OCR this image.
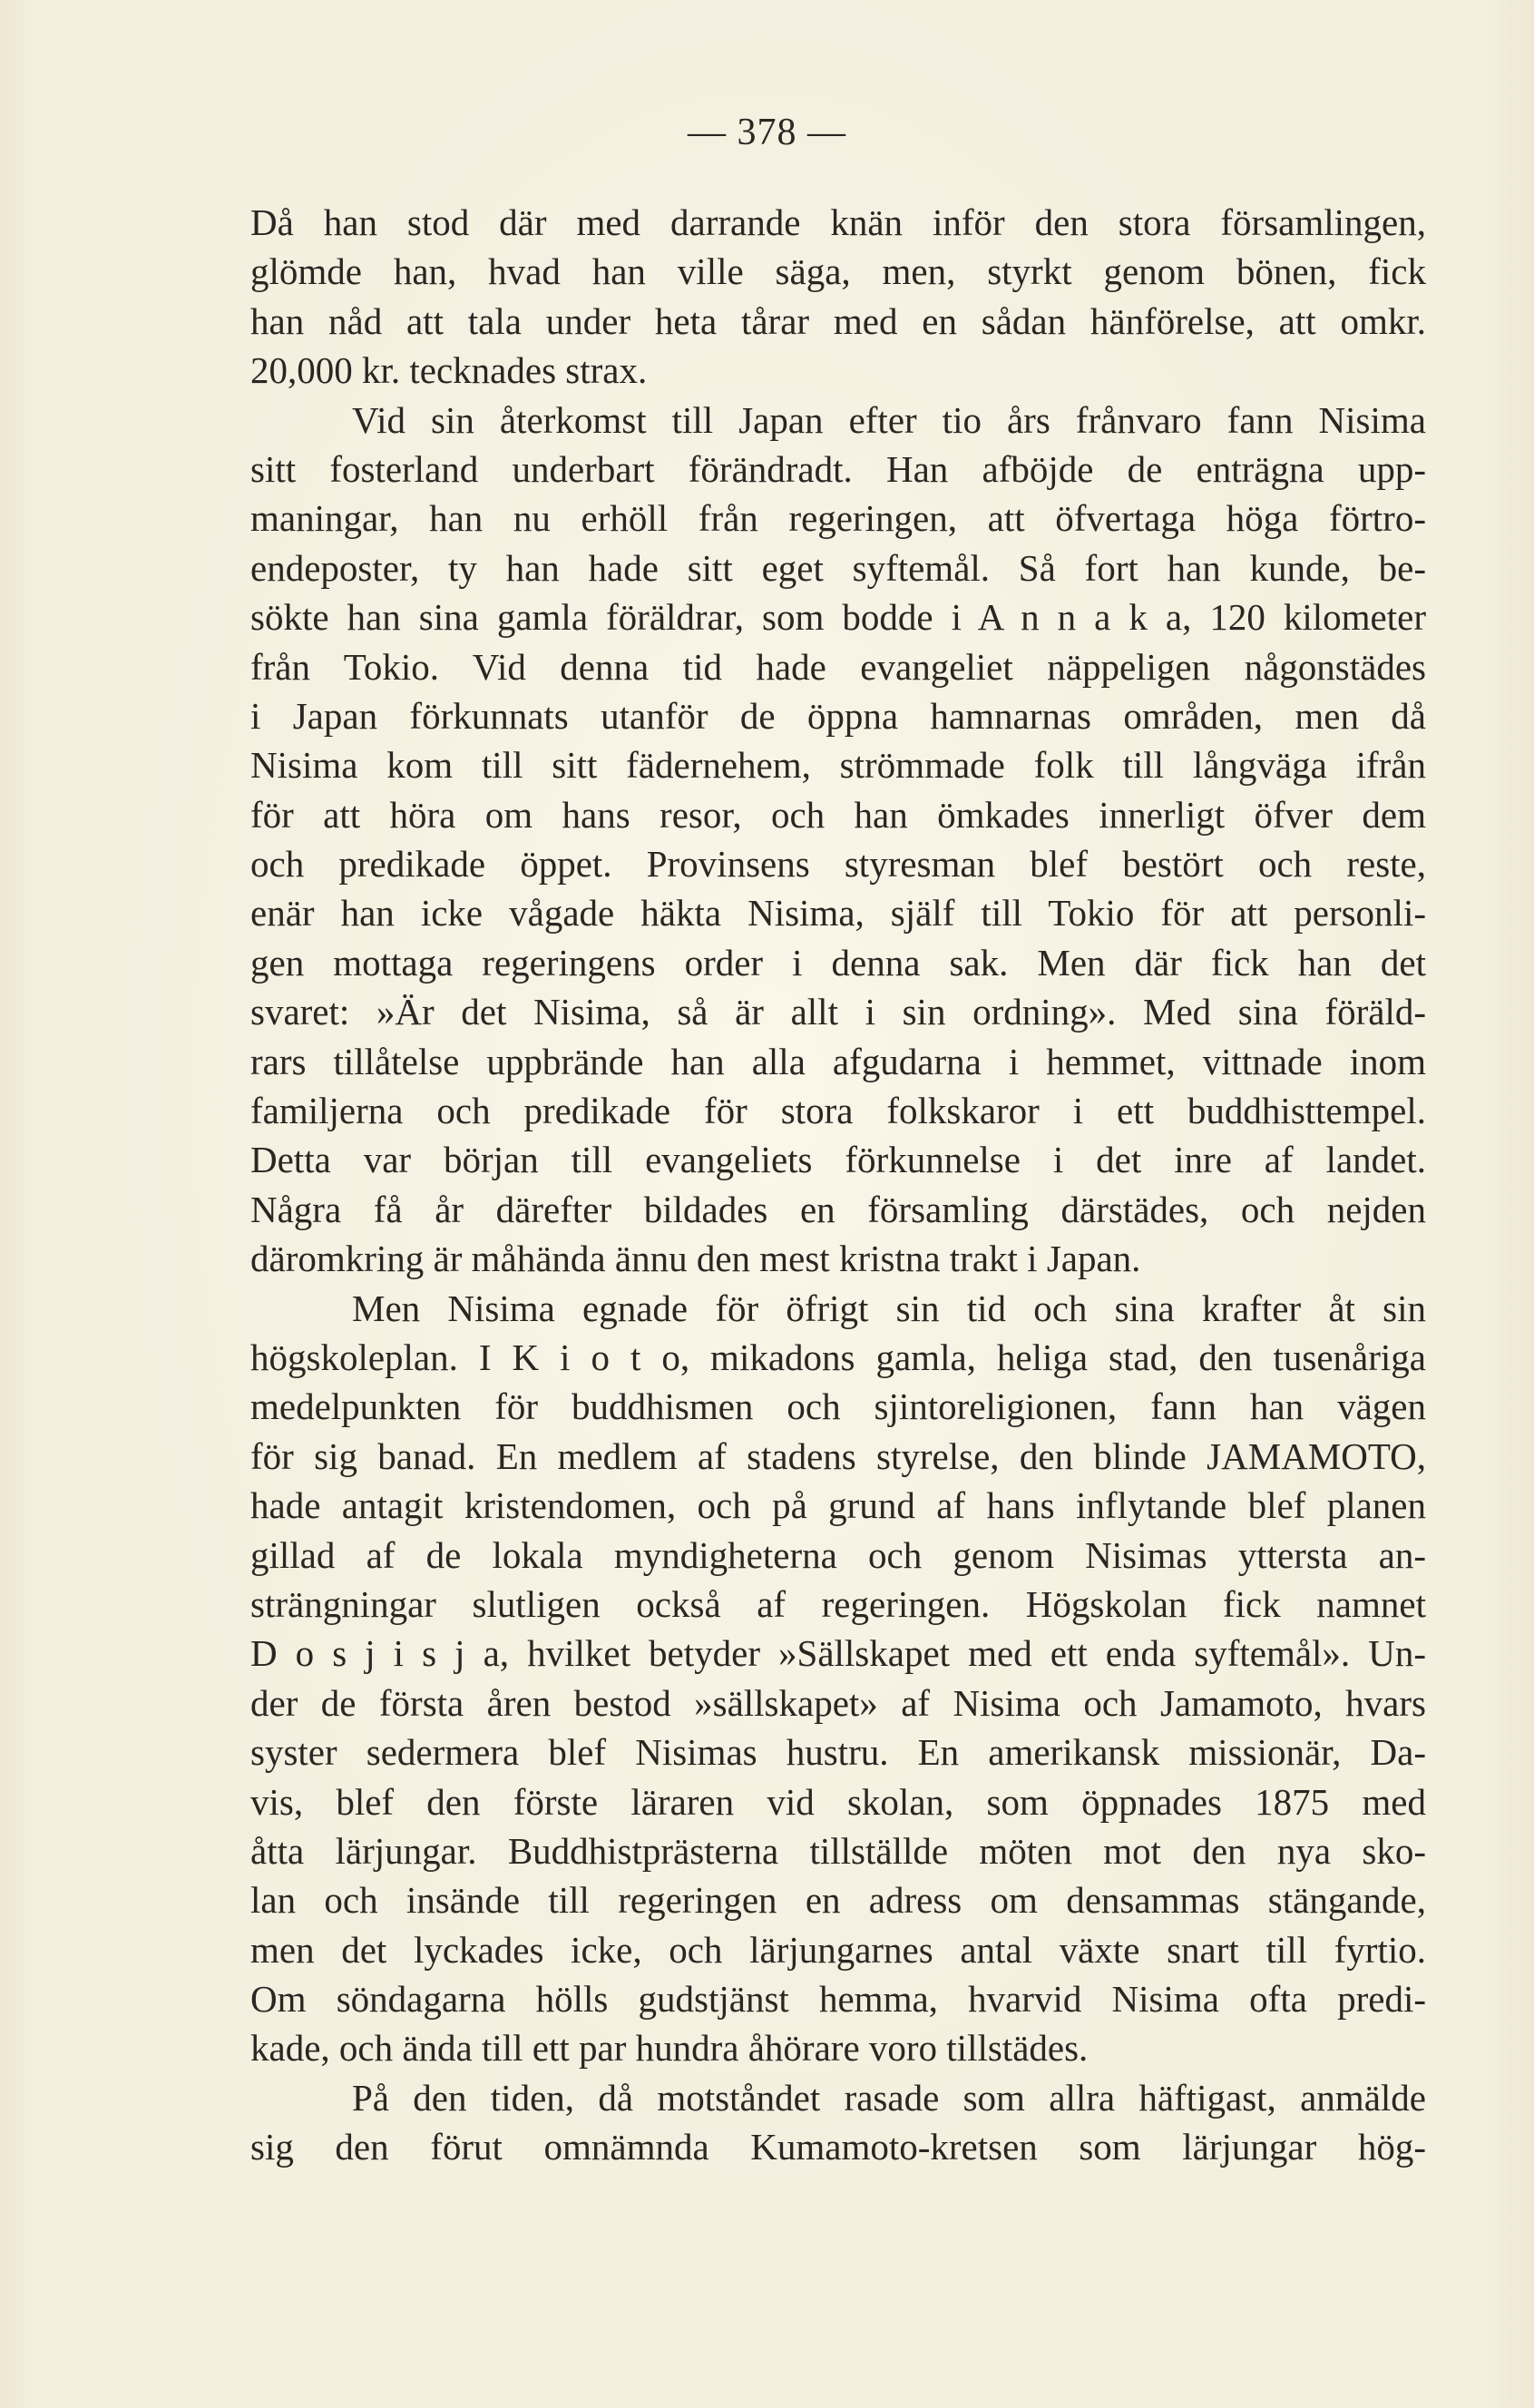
— 378 —
Då han stod där med darrande knän inför den stora församlingen,
glömde han, hvad han ville säga, men, styrkt genom bönen, fick
han nåd att tala under heta tårar med en sådan hänförelse, att omkr.
20,000 kr. tecknades strax.
Vid sin återkomst till Japan efter tio års frånvaro fann Nisima
sitt fosterland underbart förändradt. Han afböjde de enträgna upp-
maningar, han nu erhöll från regeringen, att öfvertaga höga förtro-
endeposter, ty han hade sitt eget syftemål. Så fort han kunde, be-
sökte han sina gamla föräldrar, som bodde i A n n a k a, 120 kilometer
från Tokio. Vid denna tid hade evangeliet näppeligen någonstädes
i Japan förkunnats utanför de öppna hamnarnas områden, men då
Nisima kom till sitt fädernehem, strömmade folk till långväga ifrån
för att höra om hans resor, och han ömkades innerligt öfver dem
och predikade öppet. Provinsens styresman blef bestört och reste,
enär han icke vågade häkta Nisima, själf till Tokio för att personli-
gen mottaga regeringens order i denna sak. Men där fick han det
svaret: »Är det Nisima, så är allt i sin ordning». Med sina föräld-
rars tillåtelse uppbrände han alla afgudarna i hemmet, vittnade inom
familjerna och predikade för stora folkskaror i ett buddhisttempel.
Detta var början till evangeliets förkunnelse i det inre af landet.
Några få år därefter bildades en församling därstädes, och nejden
däromkring är måhända ännu den mest kristna trakt i Japan.
Men Nisima egnade för öfrigt sin tid och sina krafter åt sin
högskoleplan. I K i o t o, mikadons gamla, heliga stad, den tusenåriga
medelpunkten för buddhismen och sjintoreligionen, fann han vägen
för sig banad. En medlem af stadens styrelse, den blinde JAMAMOTO,
hade antagit kristendomen, och på grund af hans inflytande blef planen
gillad af de lokala myndigheterna och genom Nisimas yttersta an-
strängningar slutligen också af regeringen. Högskolan fick namnet
D o s j i s j a, hvilket betyder »Sällskapet med ett enda syftemål». Un-
der de första åren bestod »sällskapet» af Nisima och Jamamoto, hvars
syster sedermera blef Nisimas hustru. En amerikansk missionär, Da-
vis, blef den förste läraren vid skolan, som öppnades 1875 med
åtta lärjungar. Buddhistprästerna tillställde möten mot den nya sko-
lan och insände till regeringen en adress om densammas stängande,
men det lyckades icke, och lärjungarnes antal växte snart till fyrtio.
Om söndagarna hölls gudstjänst hemma, hvarvid Nisima ofta predi-
kade, och ända till ett par hundra åhörare voro tillstädes.
På den tiden, då motståndet rasade som allra häftigast, anmälde
sig den förut omnämnda Kumamoto-kretsen som lärjungar hög-
